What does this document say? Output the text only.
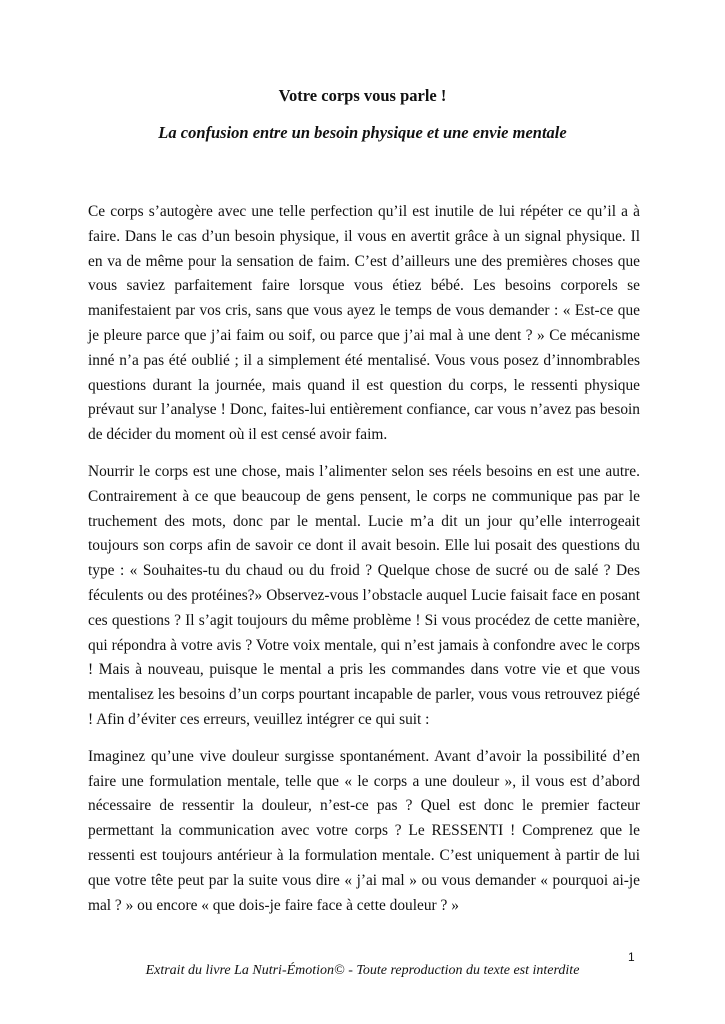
Votre corps vous parle !
La confusion entre un besoin physique et une envie mentale

Ce corps s’autogère avec une telle perfection qu’il est inutile de lui répéter ce qu’il a à faire. Dans le cas d’un besoin physique, il vous en avertit grâce à un signal physique. Il en va de même pour la sensation de faim. C’est d’ailleurs une des premières choses que vous saviez parfaitement faire lorsque vous étiez bébé. Les besoins corporels se manifestaient par vos cris, sans que vous ayez le temps de vous demander : « Est-ce que je pleure parce que j’ai faim ou soif, ou parce que j’ai mal à une dent ? » Ce mécanisme inné n’a pas été oublié ; il a simplement été mentalisé. Vous vous posez d’innombrables questions durant la journée, mais quand il est question du corps, le ressenti physique prévaut sur l’analyse ! Donc, faites-lui entièrement confiance, car vous n’avez pas besoin de décider du moment où il est censé avoir faim.

Nourrir le corps est une chose, mais l’alimenter selon ses réels besoins en est une autre. Contrairement à ce que beaucoup de gens pensent, le corps ne communique pas par le truchement des mots, donc par le mental. Lucie m’a dit un jour qu’elle interrogeait toujours son corps afin de savoir ce dont il avait besoin. Elle lui posait des questions du type : « Souhaites-tu du chaud ou du froid ? Quelque chose de sucré ou de salé ? Des féculents ou des protéines?» Observez-vous l’obstacle auquel Lucie faisait face en posant ces questions ? Il s’agit toujours du même problème ! Si vous procédez de cette manière, qui répondra à votre avis ? Votre voix mentale, qui n’est jamais à confondre avec le corps ! Mais à nouveau, puisque le mental a pris les commandes dans votre vie et que vous mentalisez les besoins d’un corps pourtant incapable de parler, vous vous retrouvez piégé ! Afin d’éviter ces erreurs, veuillez intégrer ce qui suit :

Imaginez qu’une vive douleur surgisse spontanément. Avant d’avoir la possibilité d’en faire une formulation mentale, telle que « le corps a une douleur », il vous est d’abord nécessaire de ressentir la douleur, n’est-ce pas ? Quel est donc le premier facteur permettant la communication avec votre corps ? Le RESSENTI ! Comprenez que le ressenti est toujours antérieur à la formulation mentale. C’est uniquement à partir de lui que votre tête peut par la suite vous dire « j’ai mal » ou vous demander « pourquoi ai-je mal ? » ou encore « que dois-je faire face à cette douleur ? »

1
Extrait du livre La Nutri-Émotion© - Toute reproduction du texte est interdite
